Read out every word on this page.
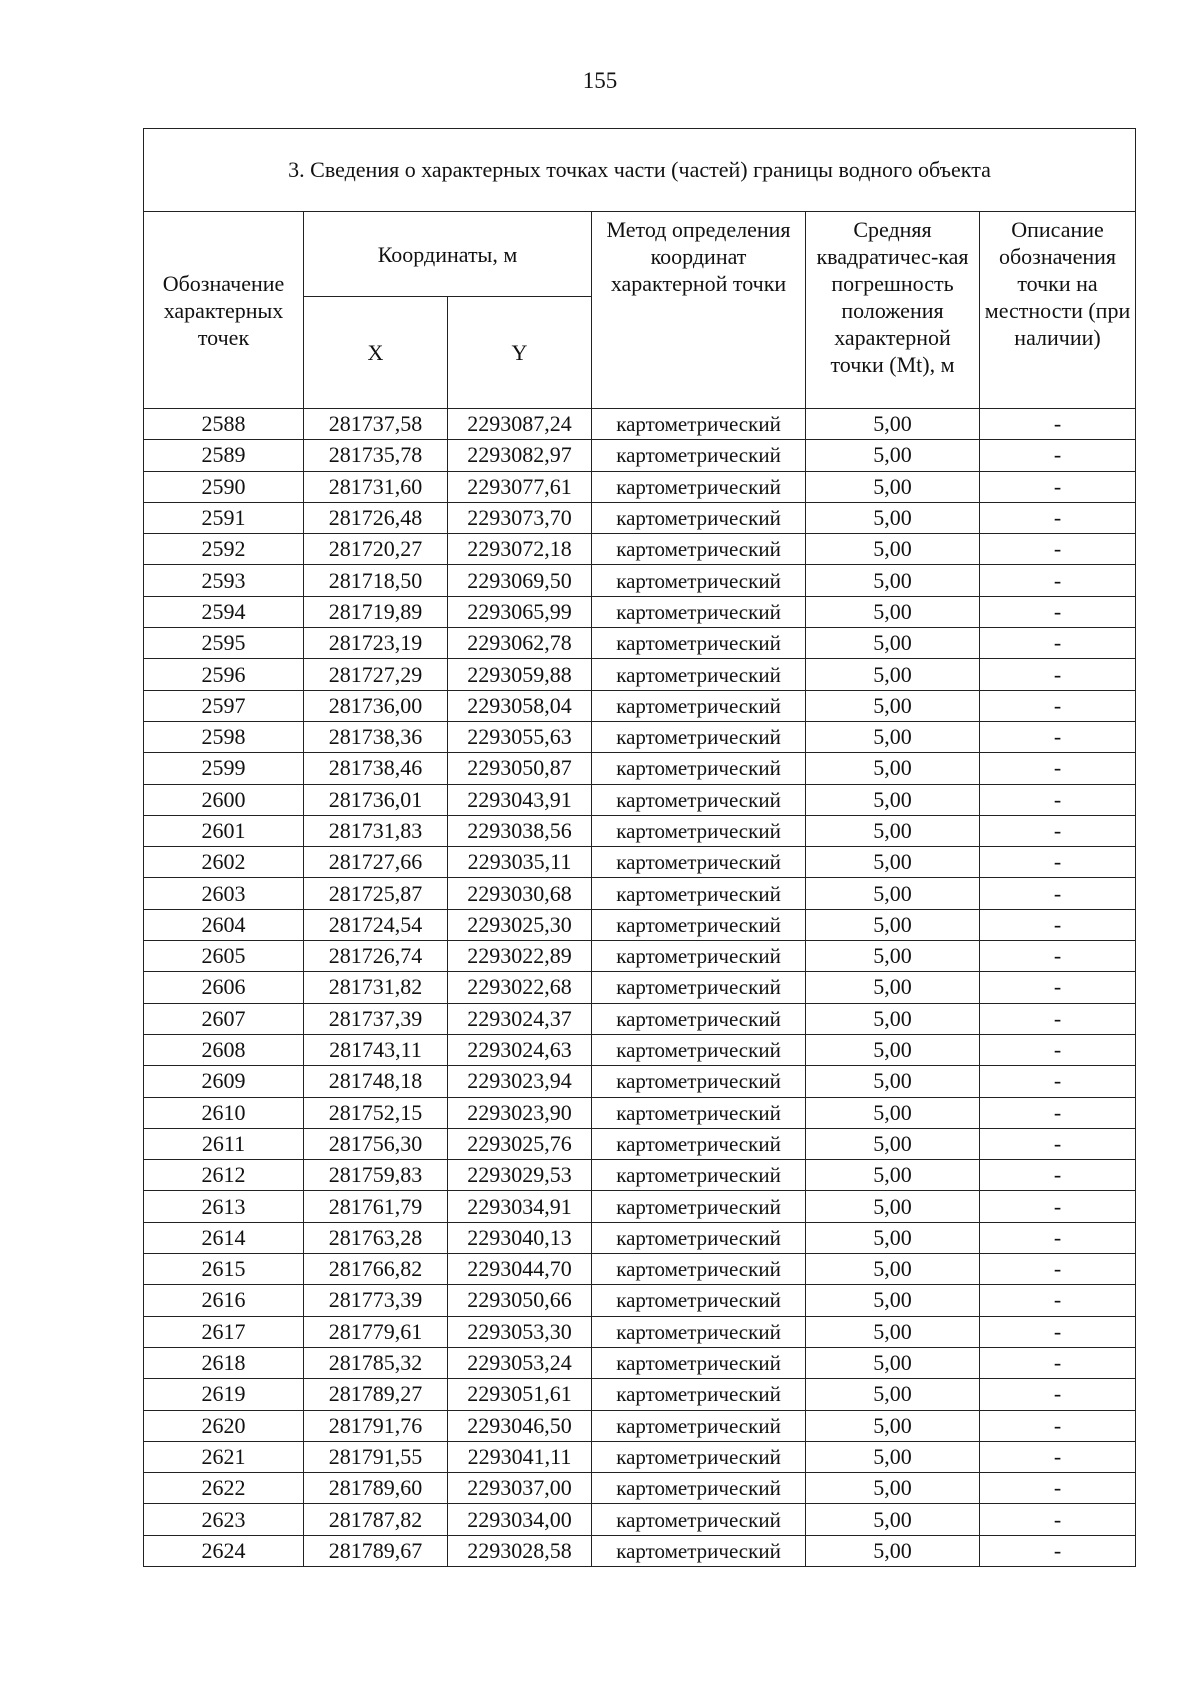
155
3. Сведения о характерных точках части (частей) границы водного объекта					
Обозначение характерных точек	Координаты, м		Метод определения координат характерной точки	Средняя квадратичес-кая погрешность положения характерной точки (Mt), м	Описание обозначения точки на местности (при наличии)
	X	Y			
2588	281737,58	2293087,24	картометрический	5,00	-
2589	281735,78	2293082,97	картометрический	5,00	-
2590	281731,60	2293077,61	картометрический	5,00	-
2591	281726,48	2293073,70	картометрический	5,00	-
2592	281720,27	2293072,18	картометрический	5,00	-
2593	281718,50	2293069,50	картометрический	5,00	-
2594	281719,89	2293065,99	картометрический	5,00	-
2595	281723,19	2293062,78	картометрический	5,00	-
2596	281727,29	2293059,88	картометрический	5,00	-
2597	281736,00	2293058,04	картометрический	5,00	-
2598	281738,36	2293055,63	картометрический	5,00	-
2599	281738,46	2293050,87	картометрический	5,00	-
2600	281736,01	2293043,91	картометрический	5,00	-
2601	281731,83	2293038,56	картометрический	5,00	-
2602	281727,66	2293035,11	картометрический	5,00	-
2603	281725,87	2293030,68	картометрический	5,00	-
2604	281724,54	2293025,30	картометрический	5,00	-
2605	281726,74	2293022,89	картометрический	5,00	-
2606	281731,82	2293022,68	картометрический	5,00	-
2607	281737,39	2293024,37	картометрический	5,00	-
2608	281743,11	2293024,63	картометрический	5,00	-
2609	281748,18	2293023,94	картометрический	5,00	-
2610	281752,15	2293023,90	картометрический	5,00	-
2611	281756,30	2293025,76	картометрический	5,00	-
2612	281759,83	2293029,53	картометрический	5,00	-
2613	281761,79	2293034,91	картометрический	5,00	-
2614	281763,28	2293040,13	картометрический	5,00	-
2615	281766,82	2293044,70	картометрический	5,00	-
2616	281773,39	2293050,66	картометрический	5,00	-
2617	281779,61	2293053,30	картометрический	5,00	-
2618	281785,32	2293053,24	картометрический	5,00	-
2619	281789,27	2293051,61	картометрический	5,00	-
2620	281791,76	2293046,50	картометрический	5,00	-
2621	281791,55	2293041,11	картометрический	5,00	-
2622	281789,60	2293037,00	картометрический	5,00	-
2623	281787,82	2293034,00	картометрический	5,00	-
2624	281789,67	2293028,58	картометрический	5,00	-
